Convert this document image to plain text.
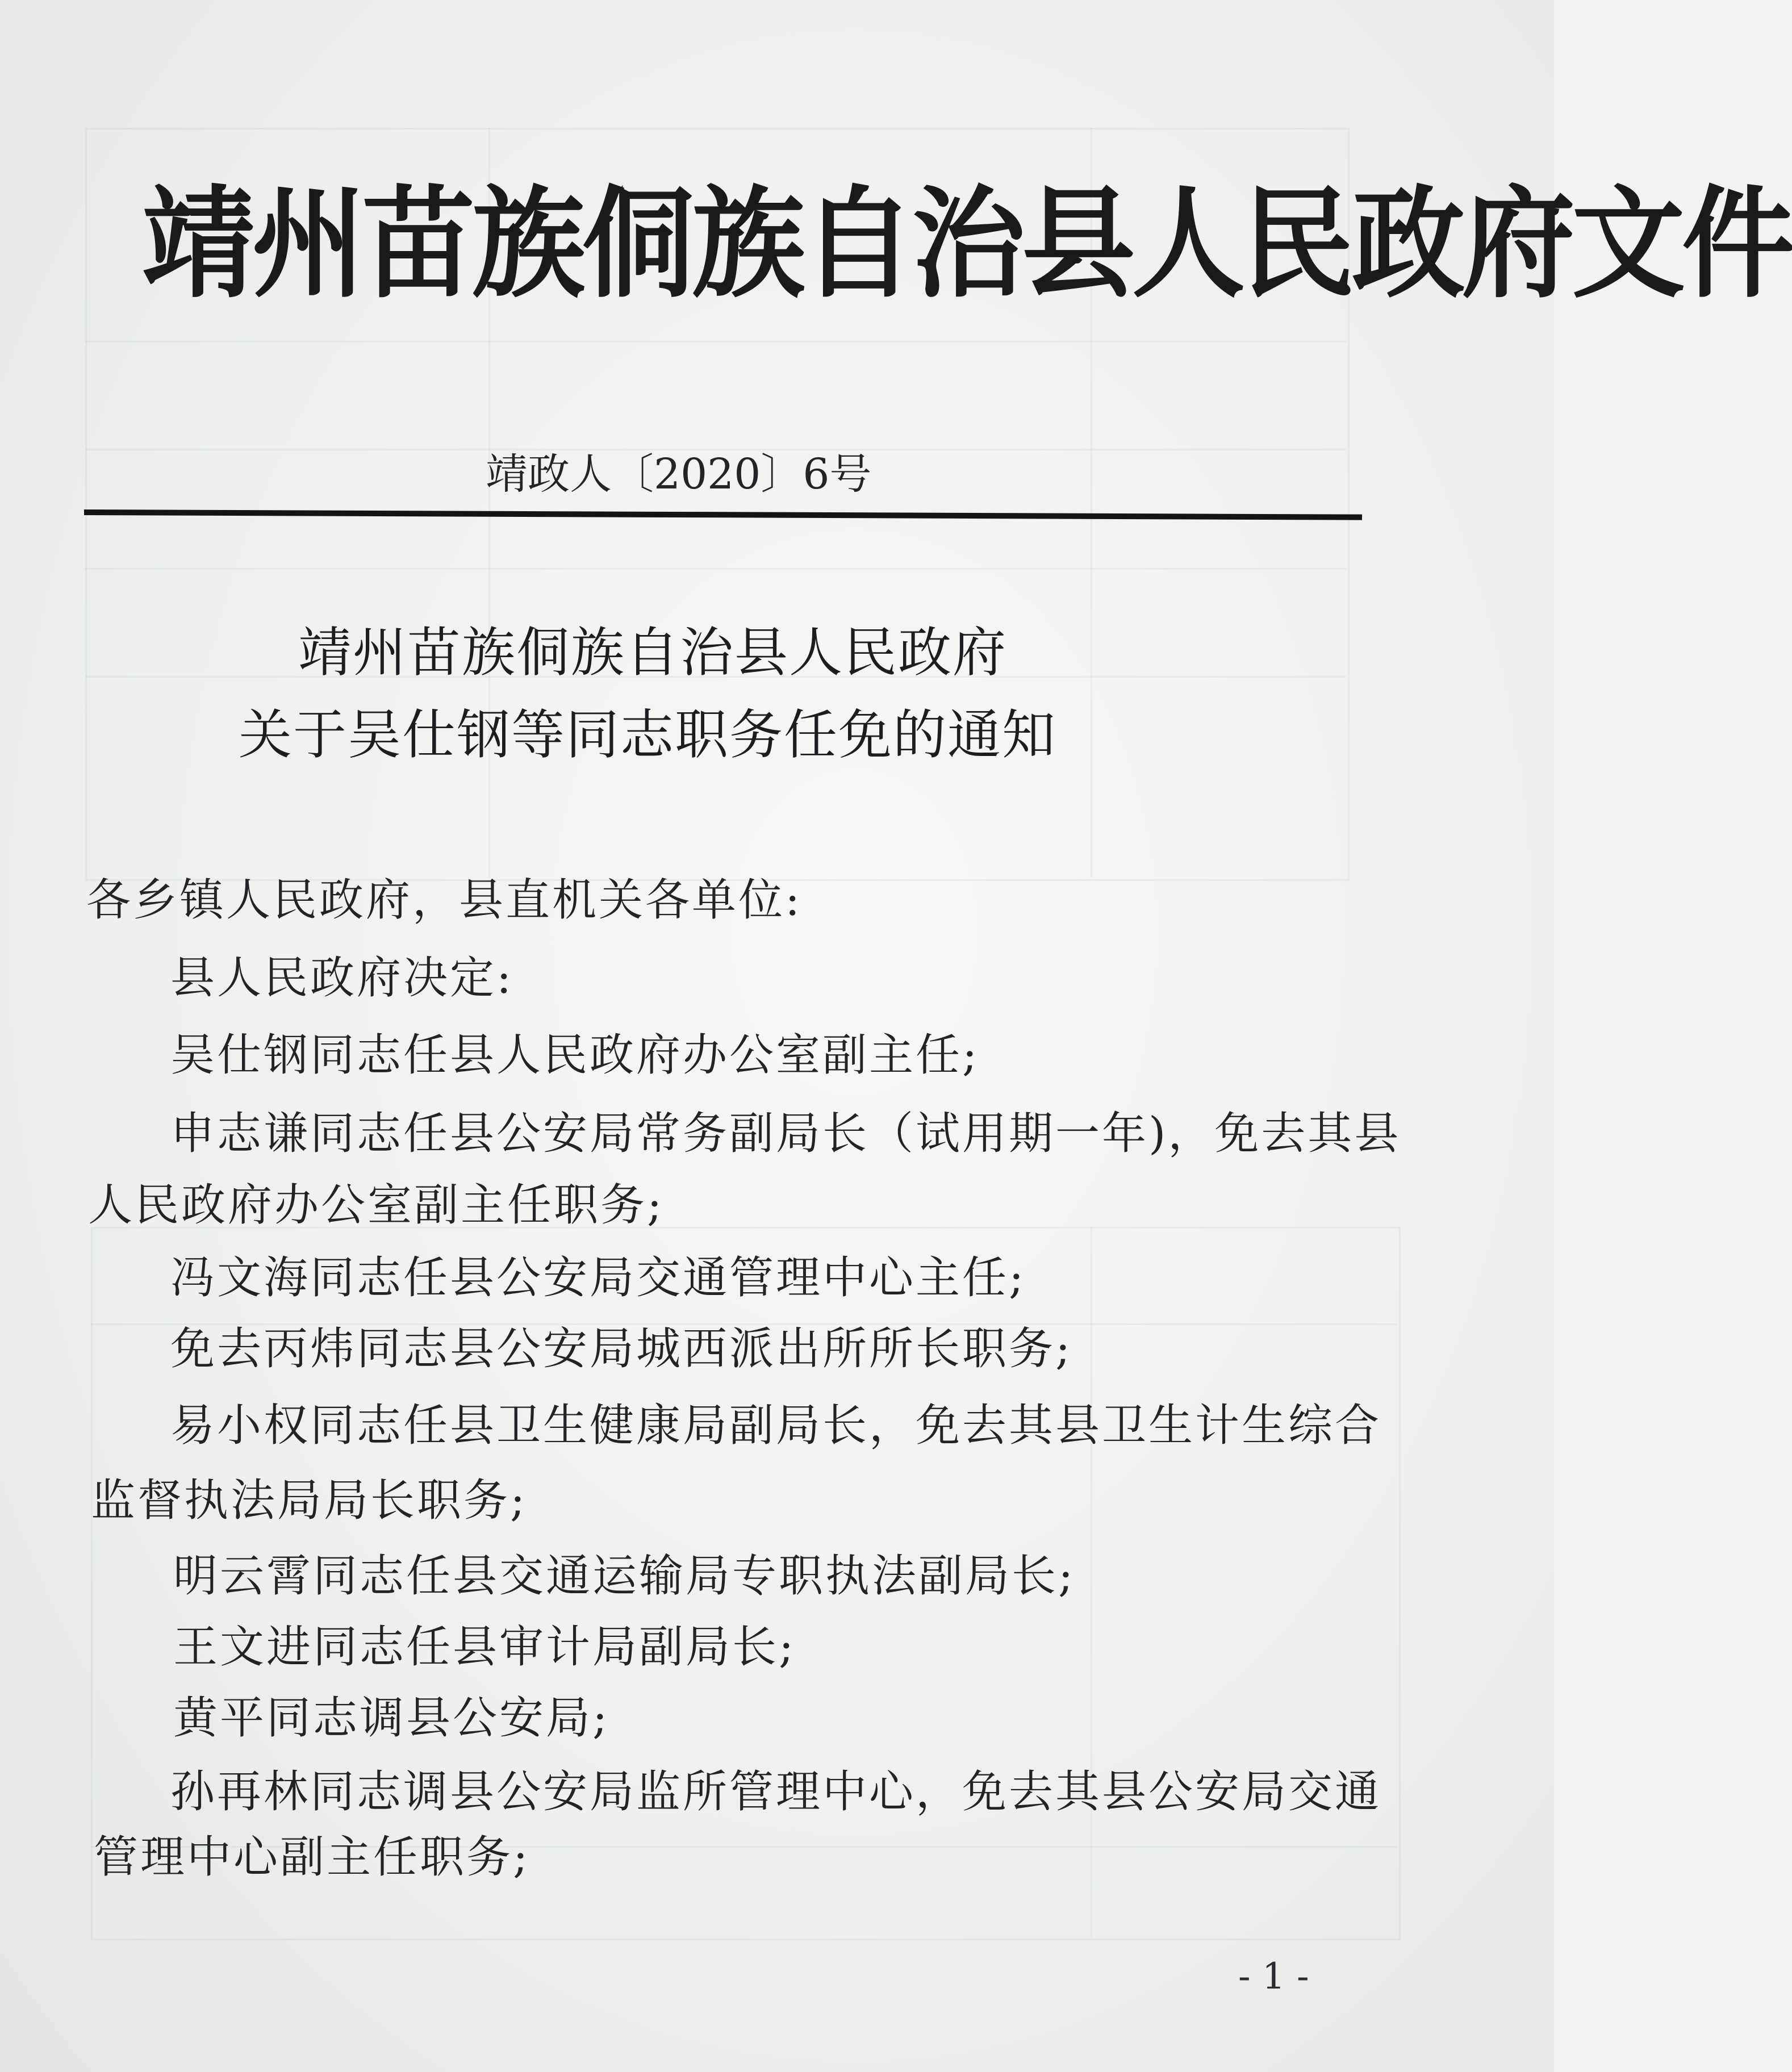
靖州苗族侗族自治县人民政府文件
靖政人〔2020〕6号
靖州苗族侗族自治县人民政府
关于吴仕钢等同志职务任免的通知
各乡镇人民政府，县直机关各单位:
县人民政府决定:
吴仕钢同志任县人民政府办公室副主任;
申志谦同志任县公安局常务副局长（试用期一年)，免去其县
人民政府办公室副主任职务;
冯文海同志任县公安局交通管理中心主任;
免去丙炜同志县公安局城西派出所所长职务;
易小权同志任县卫生健康局副局长，免去其县卫生计生综合
监督执法局局长职务;
明云霄同志任县交通运输局专职执法副局长;
王文进同志任县审计局副局长;
黄平同志调县公安局;
孙再林同志调县公安局监所管理中心，免去其县公安局交通
管理中心副主任职务;
- 1 -
